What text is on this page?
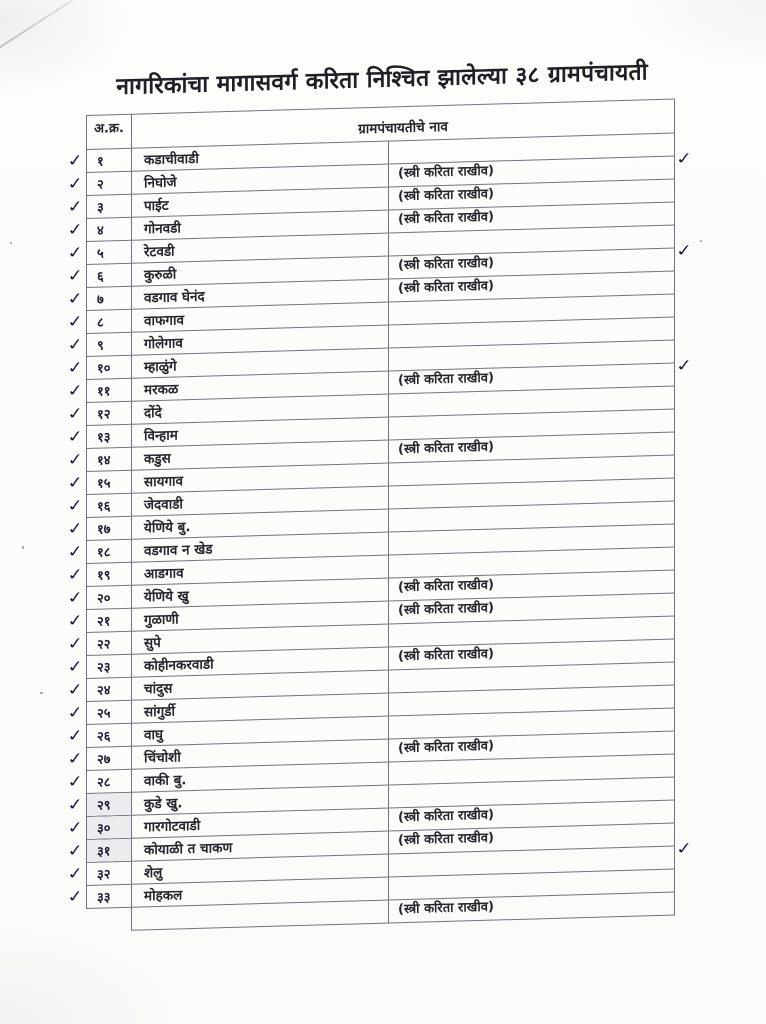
नागरिकांचा मागासवर्ग करिता निश्चित झालेल्या ३८ ग्रामपंचायती
अ.क्र.	ग्रामपंचायतीचे नाव	

✓ १	कडाचीवाडी	

✓ २	निघोजे	(स्त्री करिता राखीव)
✓

✓ ३	पाईट	(स्त्री करिता राखीव)

✓ ४	गोनवडी	(स्त्री करिता राखीव)

✓ ५	रेटवडी	

✓ ६	कुरुळी	(स्त्री करिता राखीव)
✓

✓ ७	वडगाव घेनंद	(स्त्री करिता राखीव)

✓ ८	वाफगाव	

✓ ९	गोलेगाव	

✓ १०	म्हाळुंगे	

✓ ११	मरकळ	(स्त्री करिता राखीव)
✓

✓ १२	दोंदे	

✓ १३	विन्हाम	

✓ १४	कडुस	(स्त्री करिता राखीव)

✓ १५	सायगाव	

✓ १६	जेदवाडी	

✓ १७	येणिये बु.	

✓ १८	वडगाव न खेड	

✓ १९	आडगाव	

✓ २०	येणिये खु	(स्त्री करिता राखीव)

✓ २१	गुळाणी	(स्त्री करिता राखीव)

✓ २२	सुपे	

✓ २३	कोहीनकरवाडी	(स्त्री करिता राखीव)

✓ २४	चांदुस	

✓ २५	सांगुर्डी	

✓ २६	वाघु	

✓ २७	चिंचोशी	(स्त्री करिता राखीव)

✓ २८	वाकी बु.	

✓ २९	कुडे खु.	

✓ ३०	गारगोटवाडी	(स्त्री करिता राखीव)

✓ ३१	कोयाळी त चाकण	(स्त्री करिता राखीव)

✓ ३२	शेलु	✓

✓ ३३	मोहकल	
		(स्त्री करिता राखीव)
